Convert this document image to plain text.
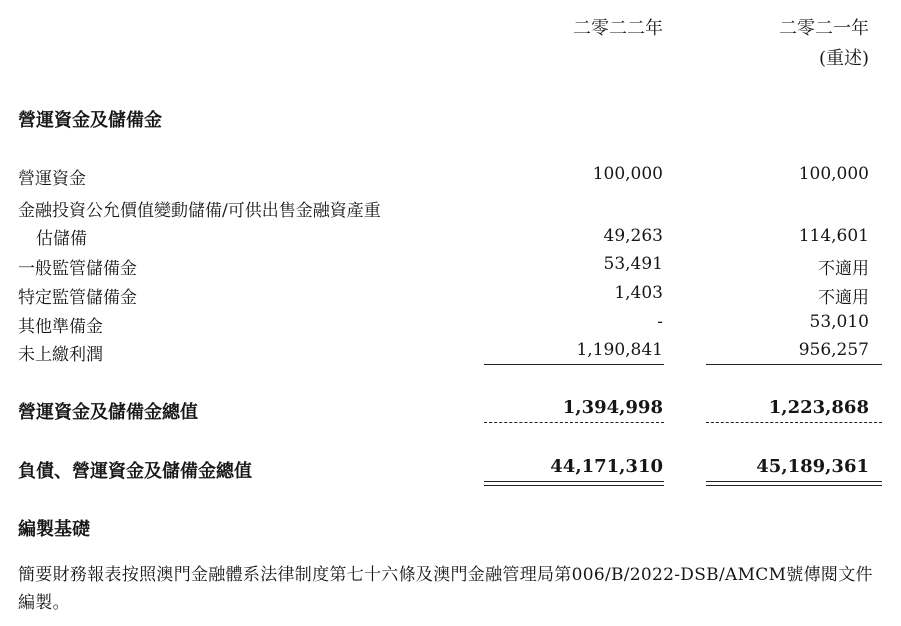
二零二二年	二零二一年
(重述)
營運資金及儲備金
營運資金	100,000	100,000
金融投資公允價值變動儲備/可供出售金融資產重
估儲備	49,263	114,601
一般監管儲備金	53,491	不適用
特定監管儲備金	1,403	不適用
其他準備金	-	53,010
未上繳利潤	1,190,841	956,257
營運資金及儲備金總值	1,394,998	1,223,868
負債、營運資金及儲備金總值	44,171,310	45,189,361
編製基礎
簡要財務報表按照澳門金融體系法律制度第七十六條及澳門金融管理局第006/B/2022-DSB/AMCM號傳閱文件編製。
